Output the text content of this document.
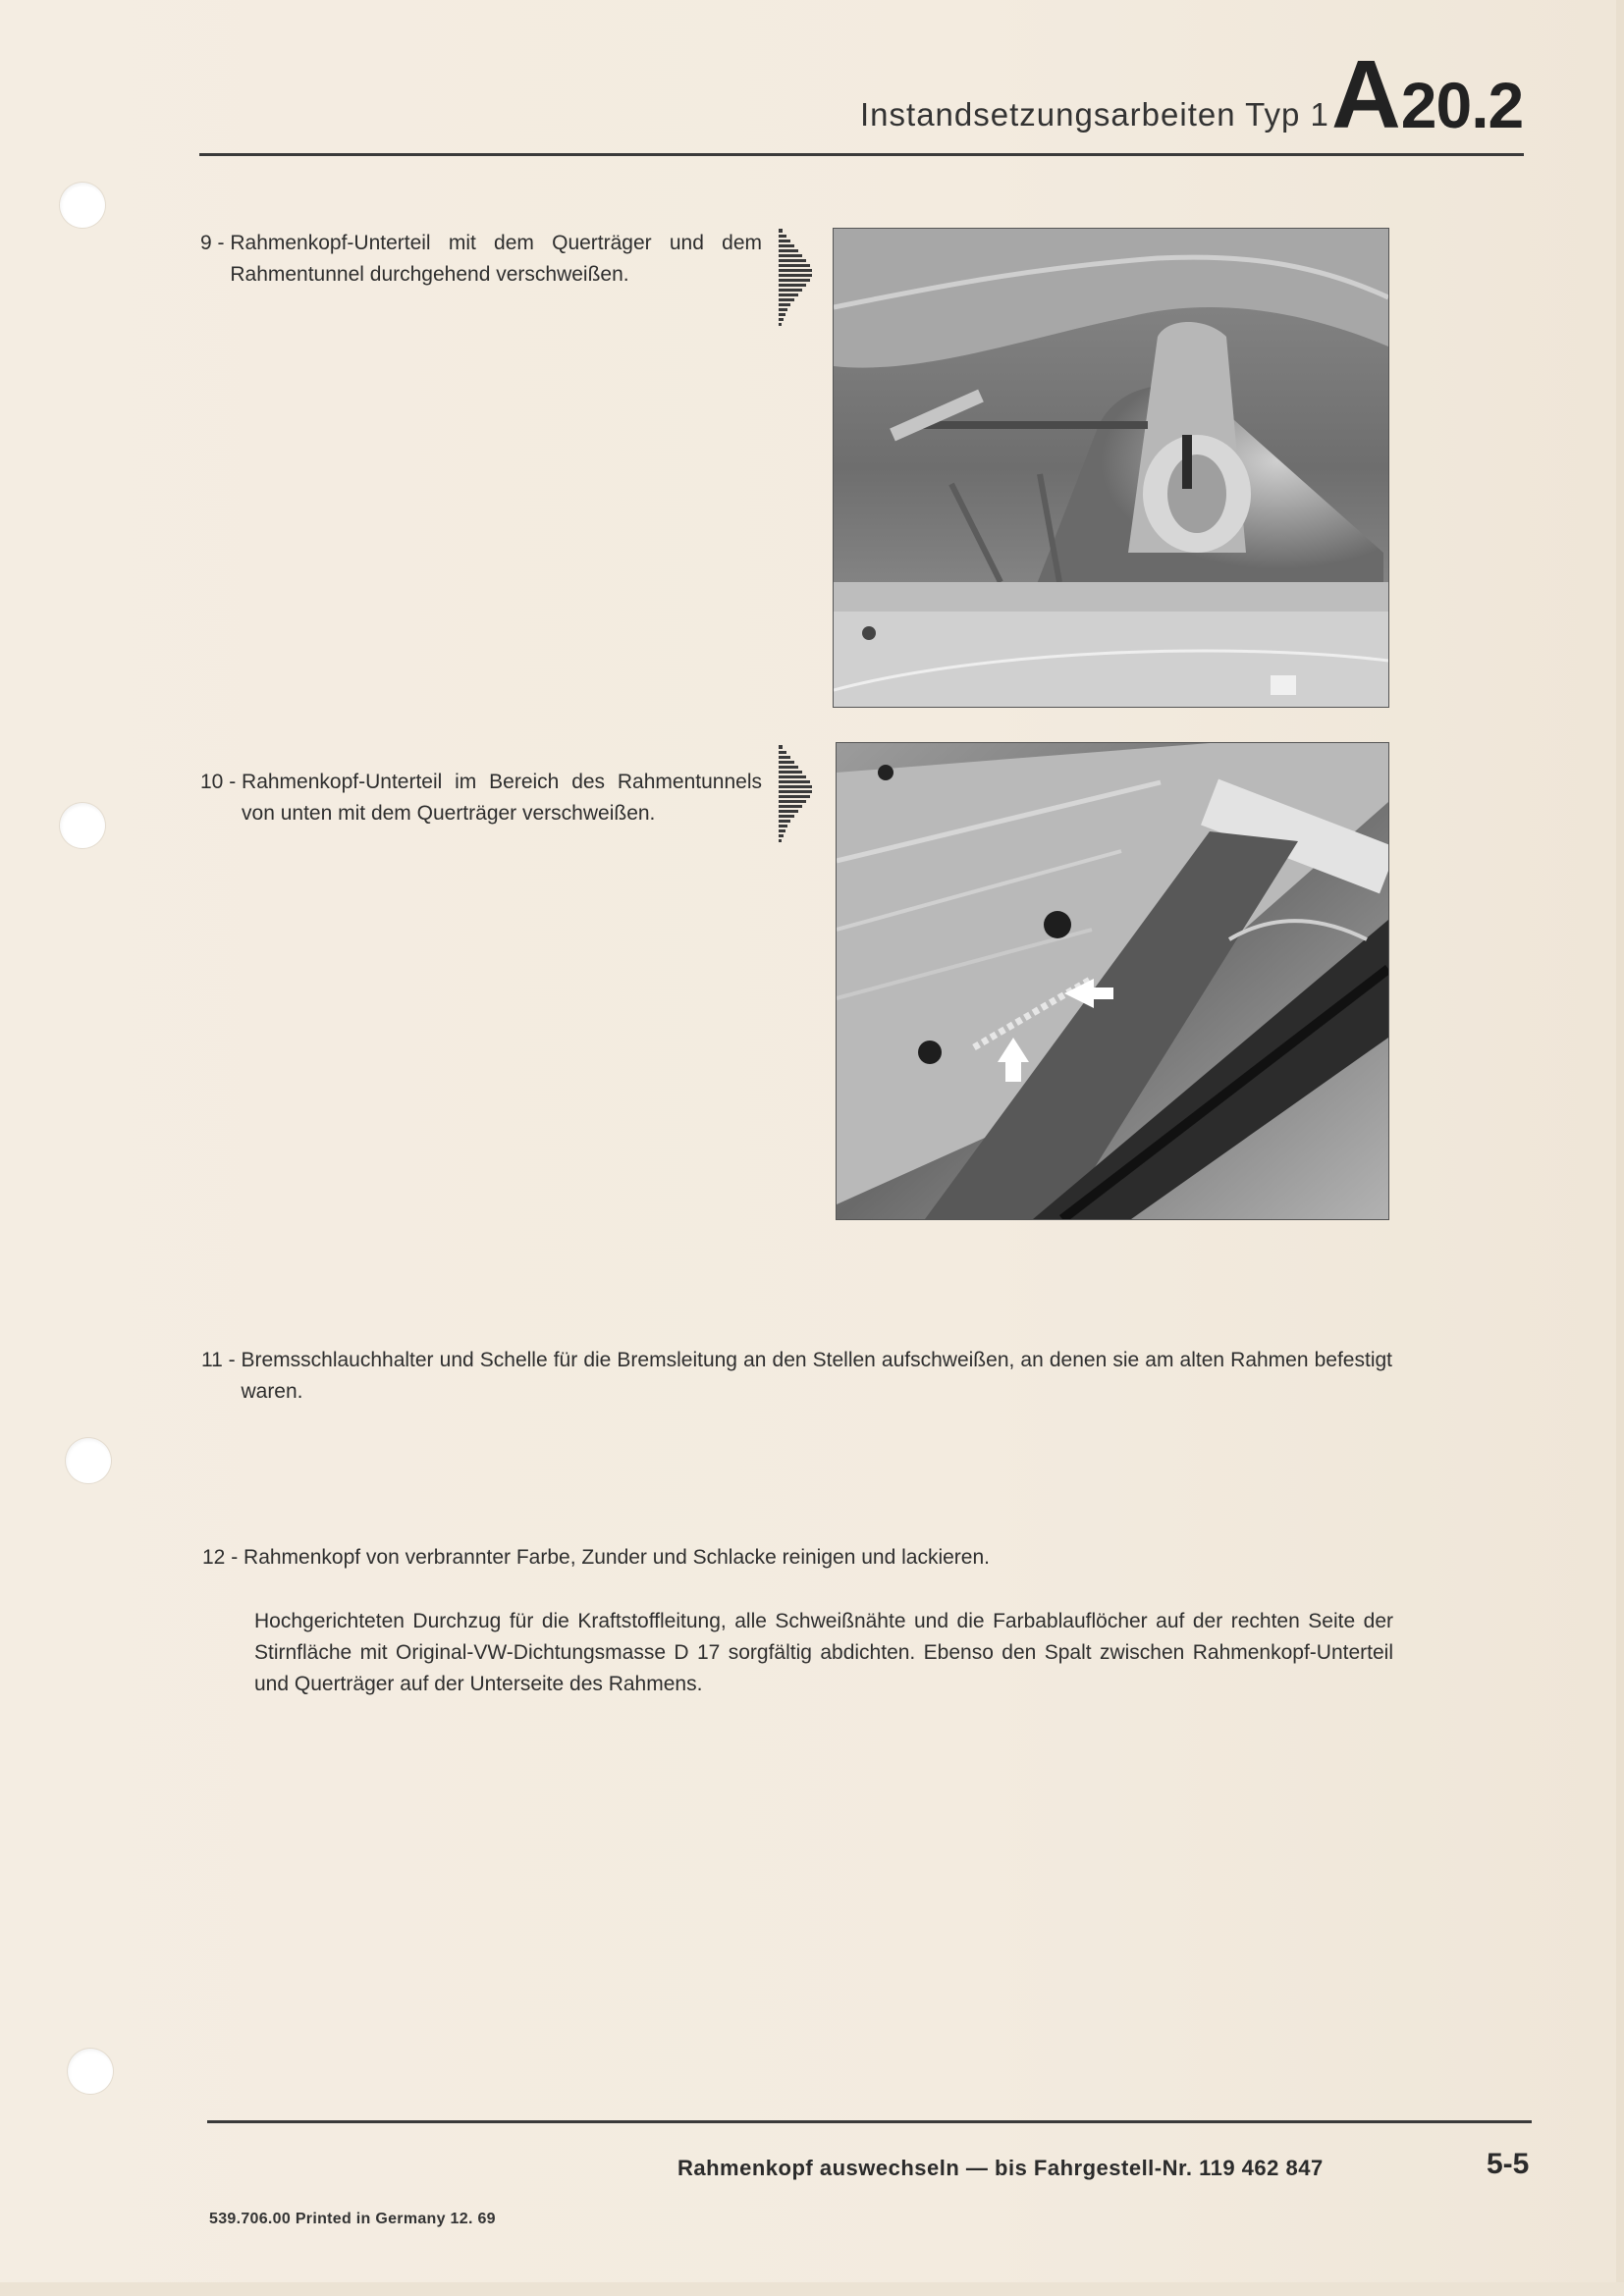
Instandsetzungsarbeiten Typ 1 A 20.2
9 - Rahmenkopf-Unterteil mit dem Querträger und dem Rahmentunnel durchgehend verschweißen.
10 - Rahmenkopf-Unterteil im Bereich des Rahmentunnels von unten mit dem Querträger verschweißen.
11 - Bremsschlauchhalter und Schelle für die Bremsleitung an den Stellen aufschweißen, an denen sie am alten Rahmen befestigt waren.
12 - Rahmenkopf von verbrannter Farbe, Zunder und Schlacke reinigen und lackieren.
Hochgerichteten Durchzug für die Kraftstoffleitung, alle Schweißnähte und die Farbablauflöcher auf der rechten Seite der Stirnfläche mit Original-VW-Dichtungsmasse D 17 sorgfältig abdichten. Ebenso den Spalt zwischen Rahmenkopf-Unterteil und Querträger auf der Unterseite des Rahmens.
Rahmenkopf auswechseln — bis Fahrgestell-Nr. 119 462 847	5-5
539.706.00 Printed in Germany 12. 69
